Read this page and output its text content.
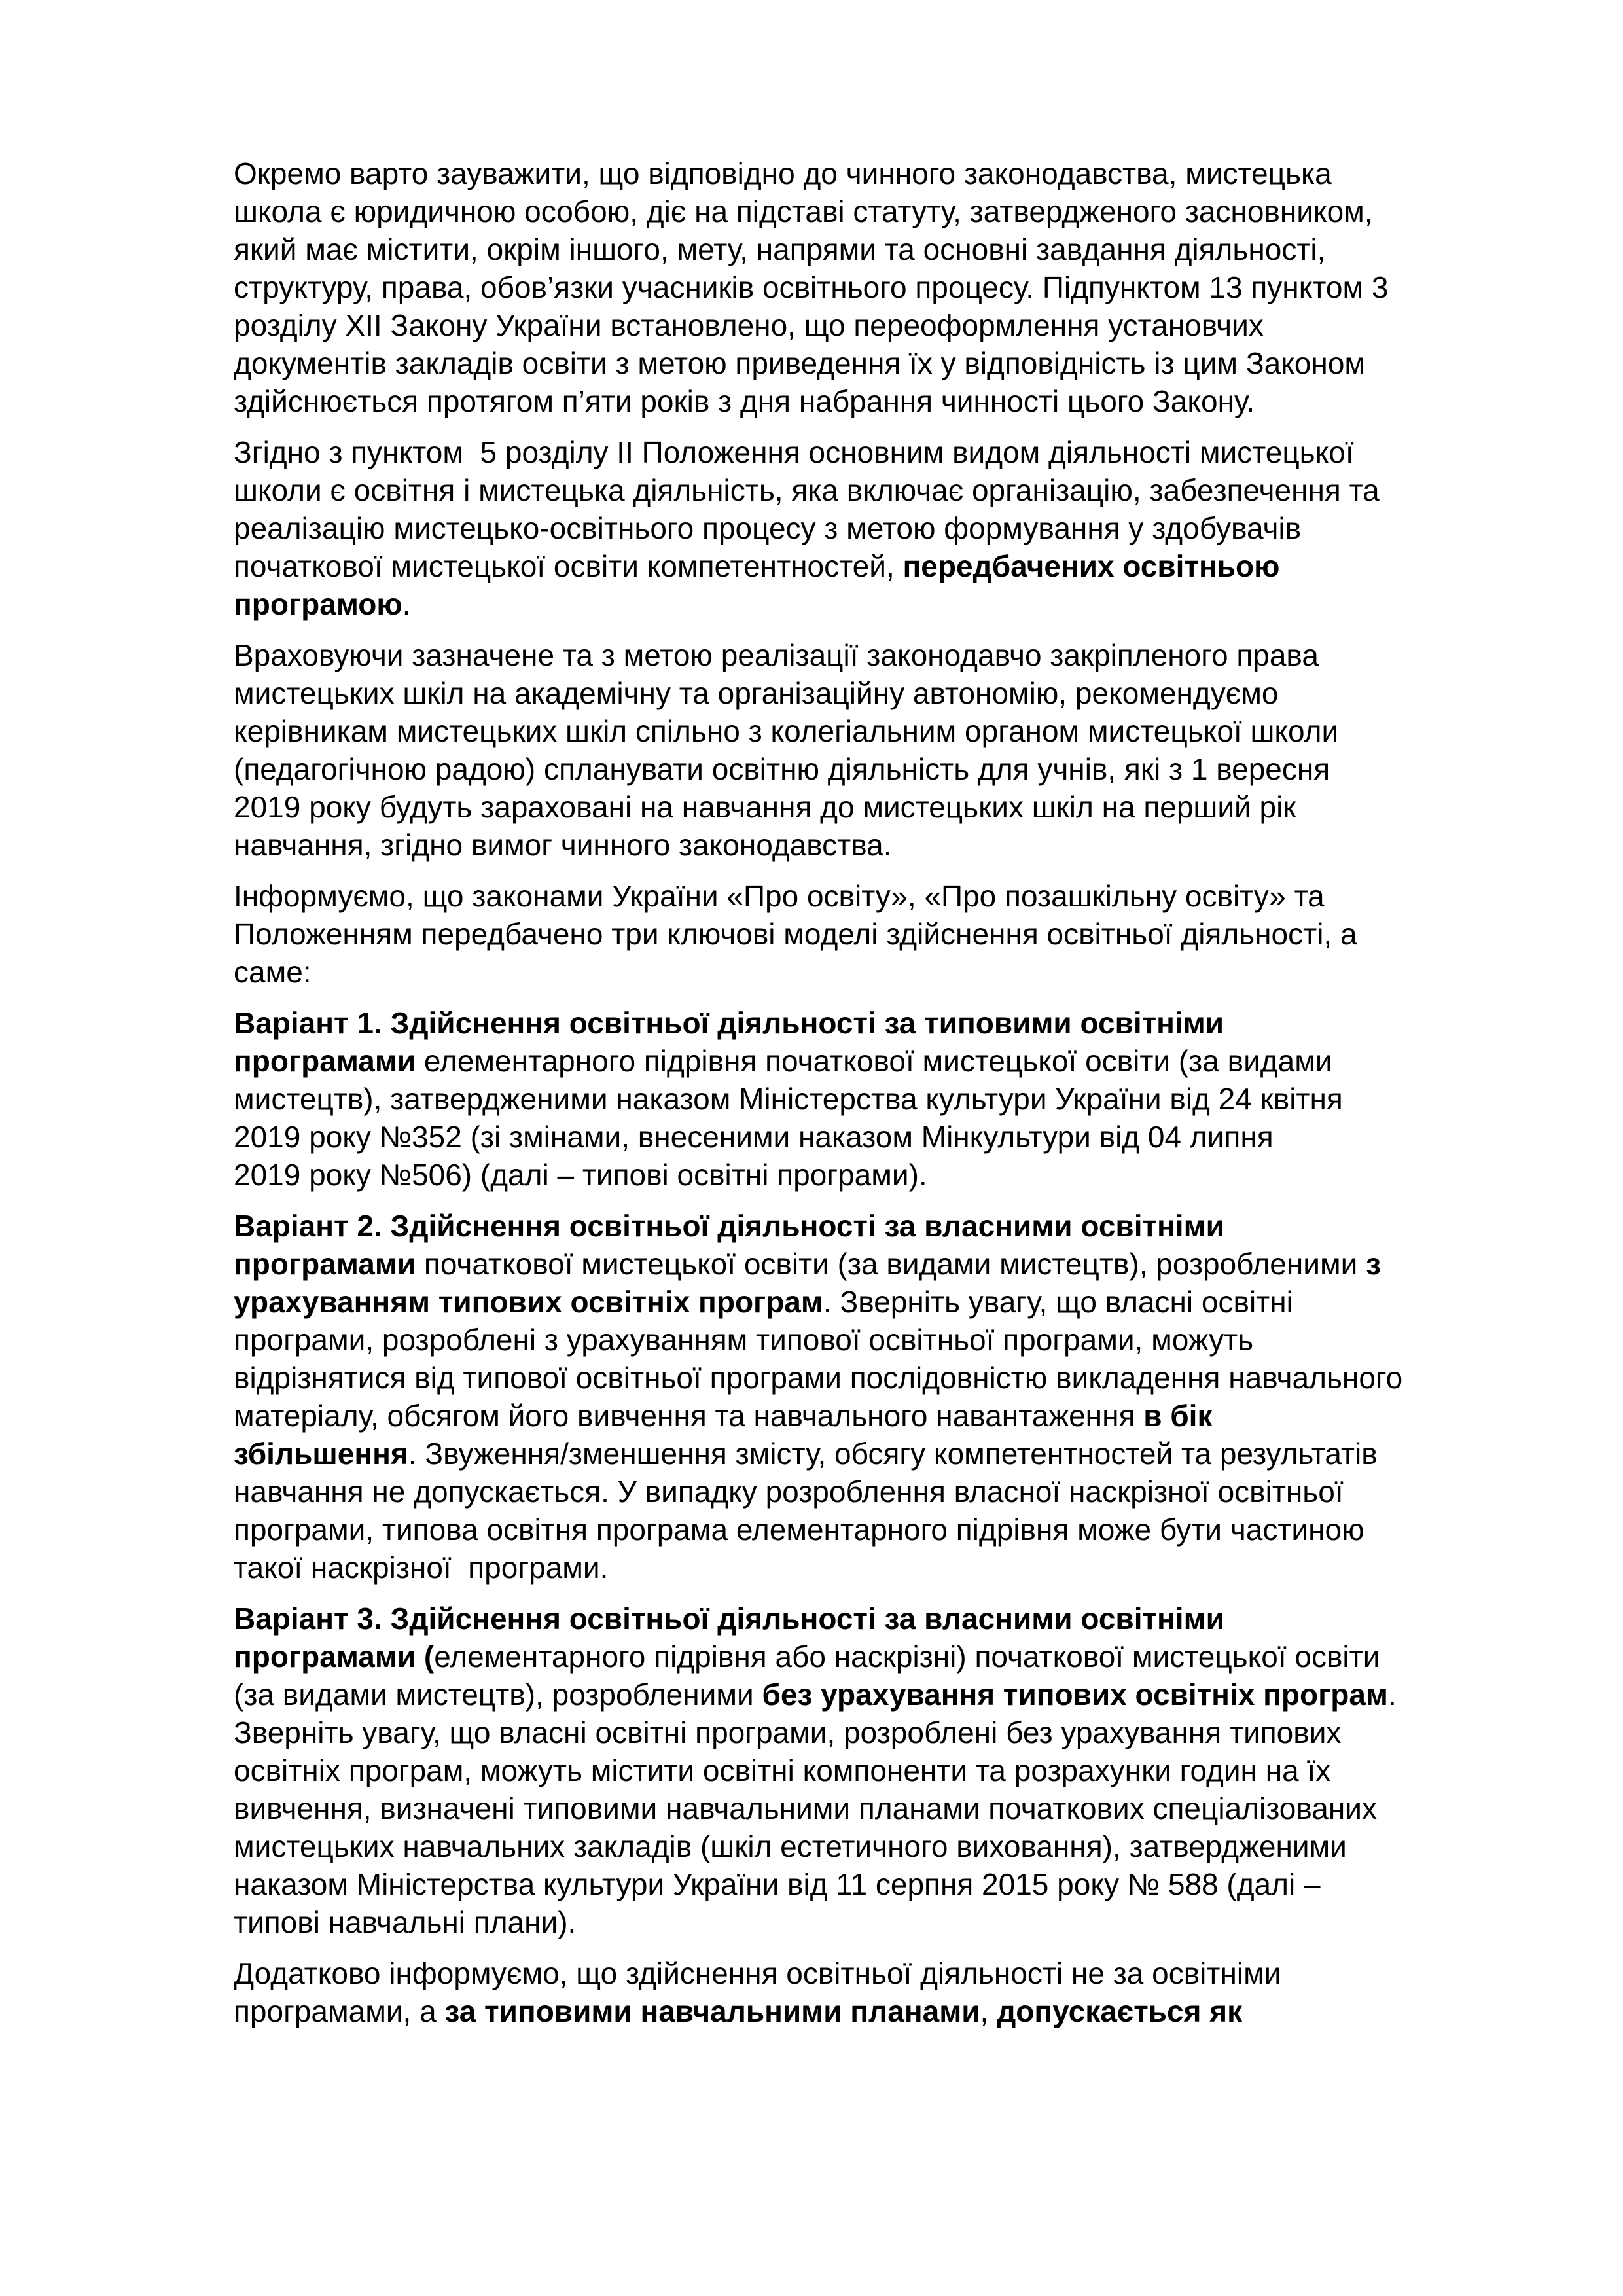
Окремо варто зауважити, що відповідно до чинного законодавства, мистецька
школа є юридичною особою, діє на підставі статуту, затвердженого засновником,
який має містити, окрім іншого, мету, напрями та основні завдання діяльності,
структуру, права, обов’язки учасників освітнього процесу. Підпунктом 13 пунктом 3
розділу ХІІ Закону України встановлено, що переоформлення установчих
документів закладів освіти з метою приведення їх у відповідність із цим Законом
здійснюється протягом п’яти років з дня набрання чинності цього Закону.

Згідно з пунктом  5 розділу ІІ Положення основним видом діяльності мистецької
школи є освітня і мистецька діяльність, яка включає організацію, забезпечення та
реалізацію мистецько-освітнього процесу з метою формування у здобувачів
початкової мистецької освіти компетентностей, передбачених освітньою
програмою.

Враховуючи зазначене та з метою реалізації законодавчо закріпленого права
мистецьких шкіл на академічну та організаційну автономію, рекомендуємо
керівникам мистецьких шкіл спільно з колегіальним органом мистецької школи
(педагогічною радою) спланувати освітню діяльність для учнів, які з 1 вересня
2019 року будуть зараховані на навчання до мистецьких шкіл на перший рік
навчання, згідно вимог чинного законодавства.

Інформуємо, що законами України «Про освіту», «Про позашкільну освіту» та
Положенням передбачено три ключові моделі здійснення освітньої діяльності, а
саме:

Варіант 1. Здійснення освітньої діяльності за типовими освітніми
програмами елементарного підрівня початкової мистецької освіти (за видами
мистецтв), затвердженими наказом Міністерства культури України від 24 квітня
2019 року №352 (зі змінами, внесеними наказом Мінкультури від 04 липня
2019 року №506) (далі – типові освітні програми).

Варіант 2. Здійснення освітньої діяльності за власними освітніми
програмами початкової мистецької освіти (за видами мистецтв), розробленими з
урахуванням типових освітніх програм. Зверніть увагу, що власні освітні
програми, розроблені з урахуванням типової освітньої програми, можуть
відрізнятися від типової освітньої програми послідовністю викладення навчального
матеріалу, обсягом його вивчення та навчального навантаження в бік
збільшення. Звуження/зменшення змісту, обсягу компетентностей та результатів
навчання не допускається. У випадку розроблення власної наскрізної освітньої
програми, типова освітня програма елементарного підрівня може бути частиною
такої наскрізної  програми.

Варіант 3. Здійснення освітньої діяльності за власними освітніми
програмами (елементарного підрівня або наскрізні) початкової мистецької освіти
(за видами мистецтв), розробленими без урахування типових освітніх програм.
Зверніть увагу, що власні освітні програми, розроблені без урахування типових
освітніх програм, можуть містити освітні компоненти та розрахунки годин на їх
вивчення, визначені типовими навчальними планами початкових спеціалізованих
мистецьких навчальних закладів (шкіл естетичного виховання), затвердженими
наказом Міністерства культури України від 11 серпня 2015 року № 588 (далі –
типові навчальні плани).

Додатково інформуємо, що здійснення освітньої діяльності не за освітніми
програмами, а за типовими навчальними планами, допускається як
